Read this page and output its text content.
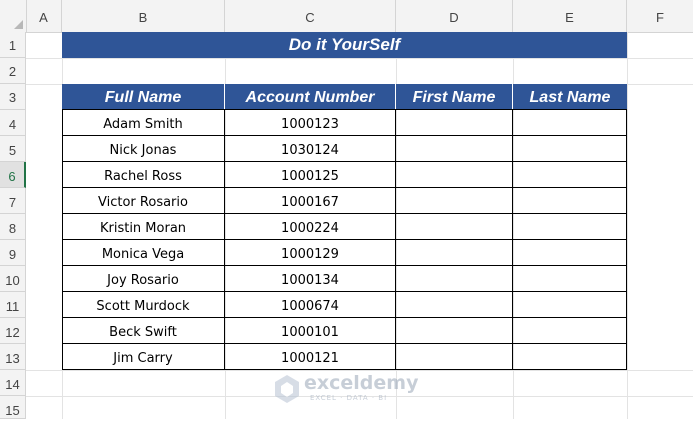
A	B	C	D	E	F
1
2
3
4
5
6
7
8
9
10
11
12
13
14
15
Do it YourSelf
Full Name	Account Number	First Name	Last Name
Adam Smith	1000123
Nick Jonas	1030124
Rachel Ross	1000125
Victor Rosario	1000167
Kristin Moran	1000224
Monica Vega	1000129
Joy Rosario	1000134
Scott Murdock	1000674
Beck Swift	1000101
Jim Carry	1000121
exceldemy
EXCEL · DATA · BI
